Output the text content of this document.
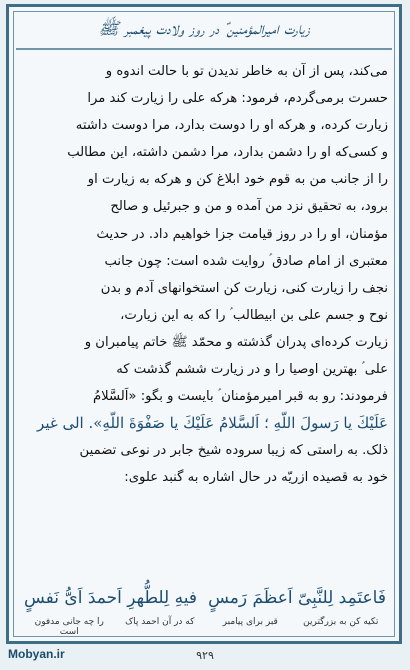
زیارت امیرالمؤمنین ؑ در روز ولادت پیغمبر ﷺ

می‌کند، پس از آن به خاطر ندیدن تو با حالت اندوه و

حسرت برمی‌گردم، فرمود: هرکه علی را زیارت کند مرا

زیارت کرده، و هرکه او را دوست بدارد، مرا دوست داشته

و کسی‌که او را دشمن بدارد، مرا دشمن داشته، این مطالب

را از جانب من به قوم خود ابلاغ کن و هرکه به زیارت او

برود، به تحقیق نزد من آمده و من و جبرئیل و صالح

مؤمنان، او را در روز قیامت جزا خواهیم داد. در حدیث

معتبری از امام صادق ؑ روایت شده است: چون جانب

نجف را زیارت کنی، زیارت کن استخوانهای آدم و بدن

نوح و جسم علی بن ابیطالب ؑ را که به این زیارت،

زیارت کرده‌ای پدران گذشته و محمّد ﷺ خاتم پیامبران و

علی ؑ بهترین اوصیا را و در زیارت ششم گذشت که

فرمودند: رو به قبر امیرمؤمنان ؑ بایست و بگو: «اَلسَّلامُ

عَلَيْكَ يا رَسولَ اللّهِ ؛ اَلسَّلامُ عَلَيْكَ يا صَفْوَةَ اللّهِ». الی غیر

ذلک. به راستی که زیبا سروده شیخ جابر در نوعی تضمین

خود به قصیده ازریّه در حال اشاره به گنبد علوی:

فَاعتَمِد لِلنَّبِیّ اَعظَمَ رَمسٍ
فیهِ لِلطُّهرِ اَحمدَ اَیُّ نَفسٍ
تکیه کن به بزرگترین
قبر برای پیامبر
که در آن احمد پاک
را چه جانی مدفون است
Mobyan.ir	۹۲۹
